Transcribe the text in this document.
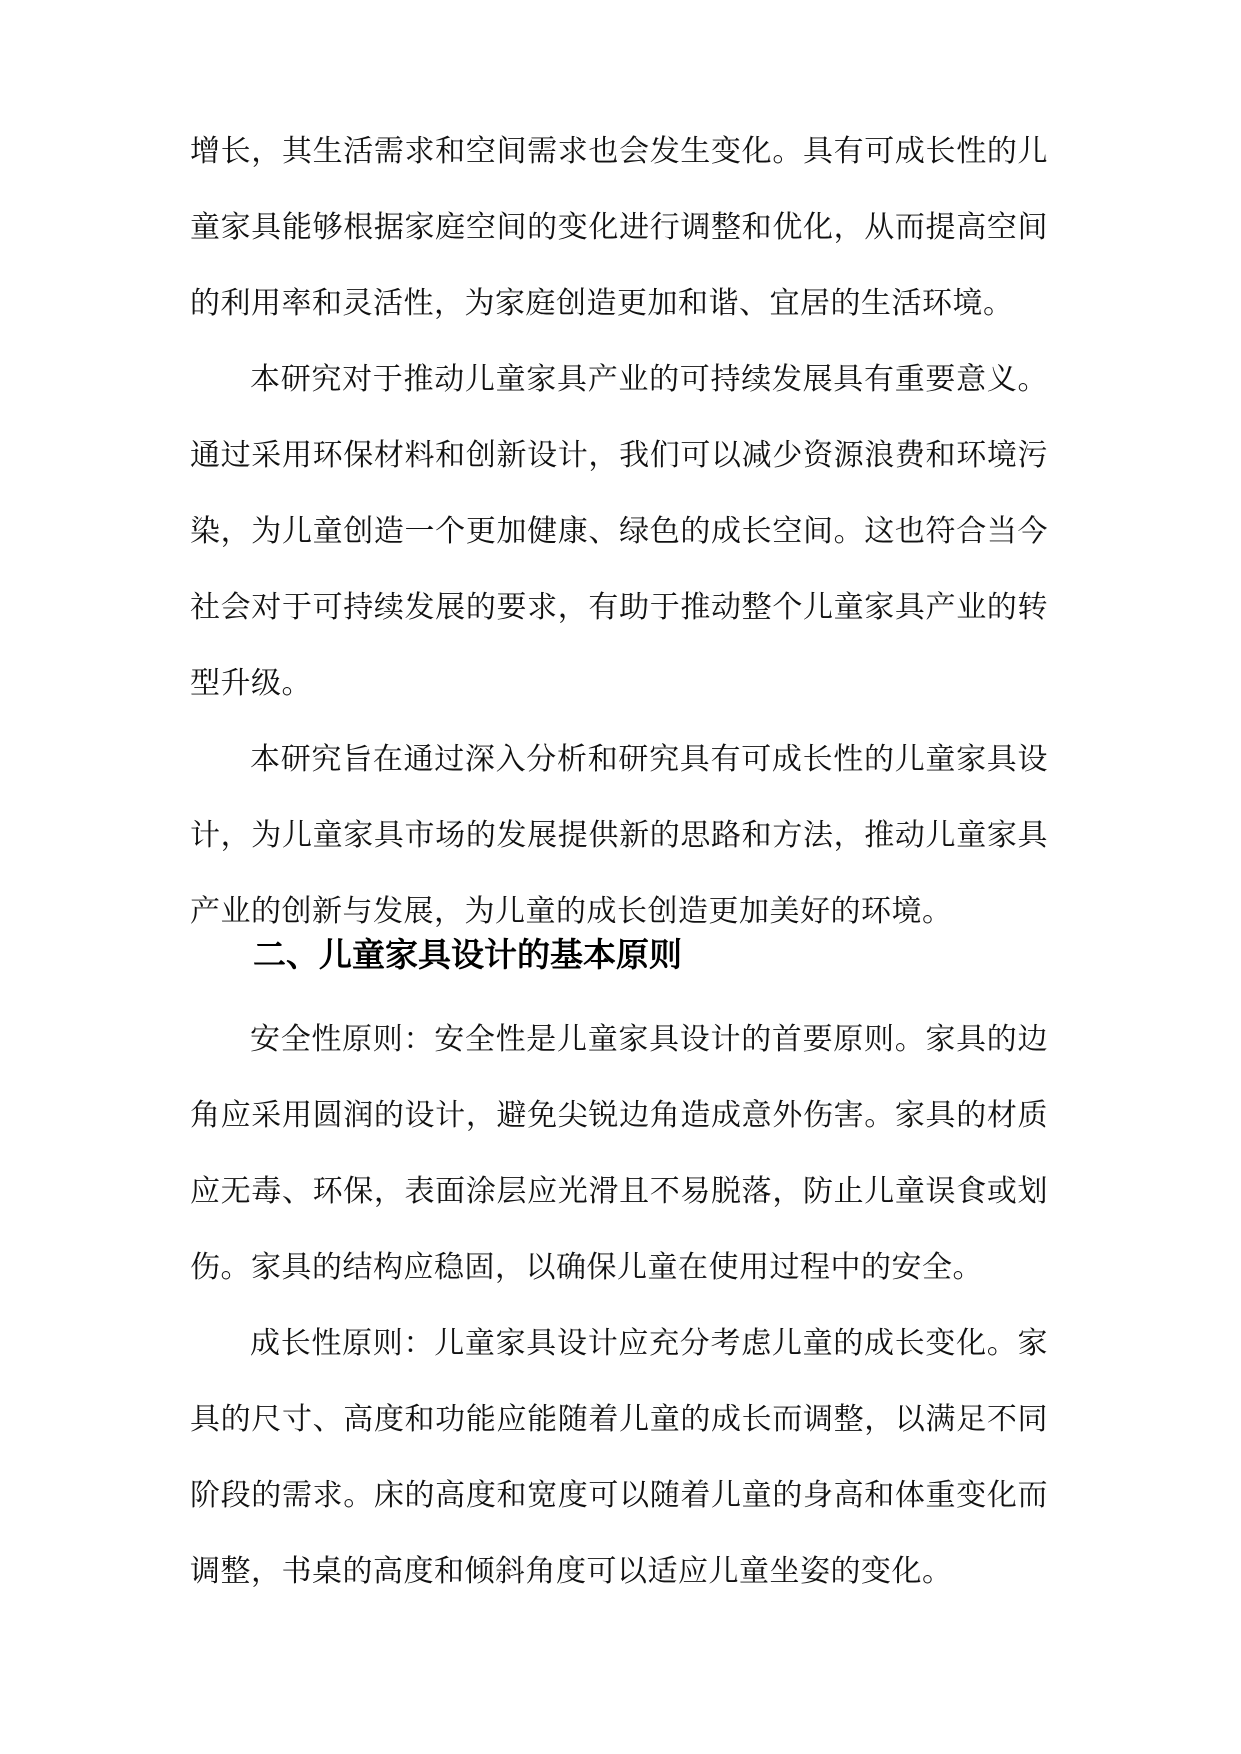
增长，其生活需求和空间需求也会发生变化。具有可成长性的儿童家具能够根据家庭空间的变化进行调整和优化，从而提高空间的利用率和灵活性，为家庭创造更加和谐、宜居的生活环境。

本研究对于推动儿童家具产业的可持续发展具有重要意义。通过采用环保材料和创新设计，我们可以减少资源浪费和环境污染，为儿童创造一个更加健康、绿色的成长空间。这也符合当今社会对于可持续发展的要求，有助于推动整个儿童家具产业的转型升级。

本研究旨在通过深入分析和研究具有可成长性的儿童家具设计，为儿童家具市场的发展提供新的思路和方法，推动儿童家具产业的创新与发展，为儿童的成长创造更加美好的环境。

二、儿童家具设计的基本原则

安全性原则：安全性是儿童家具设计的首要原则。家具的边角应采用圆润的设计，避免尖锐边角造成意外伤害。家具的材质应无毒、环保，表面涂层应光滑且不易脱落，防止儿童误食或划伤。家具的结构应稳固，以确保儿童在使用过程中的安全。

成长性原则：儿童家具设计应充分考虑儿童的成长变化。家具的尺寸、高度和功能应能随着儿童的成长而调整，以满足不同阶段的需求。床的高度和宽度可以随着儿童的身高和体重变化而调整，书桌的高度和倾斜角度可以适应儿童坐姿的变化。
